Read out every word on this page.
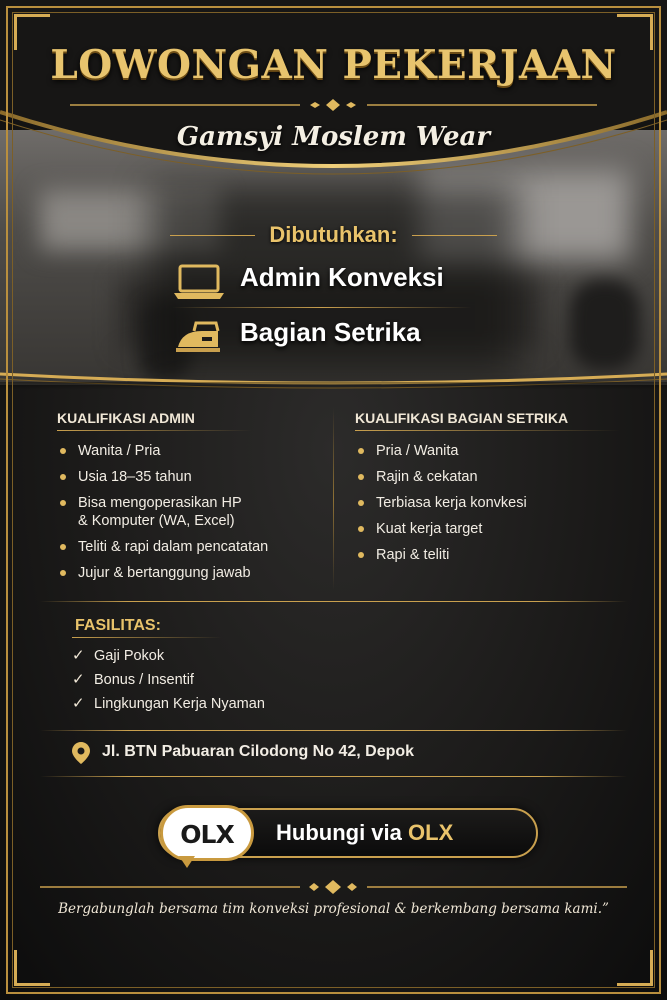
LOWONGAN PEKERJAAN
Gamsyi Moslem Wear
Dibutuhkan:
Admin Konveksi
Bagian Setrika
KUALIFIKASI ADMIN
Wanita / Pria
Usia 18–35 tahun
Bisa mengoperasikan HP
& Komputer (WA, Excel)
Teliti & rapi dalam pencatatan
Jujur & bertanggung jawab
KUALIFIKASI BAGIAN SETRIKA
Pria / Wanita
Rajin & cekatan
Terbiasa kerja konvkesi
Kuat kerja target
Rapi & teliti
FASILITAS:
✓ Gaji Pokok
✓ Bonus / Insentif
✓ Lingkungan Kerja Nyaman
Jl. BTN Pabuaran Cilodong No 42, Depok
OLX	Hubungi via OLX
Bergabunglah bersama tim konveksi profesional & berkembang bersama kami.”
